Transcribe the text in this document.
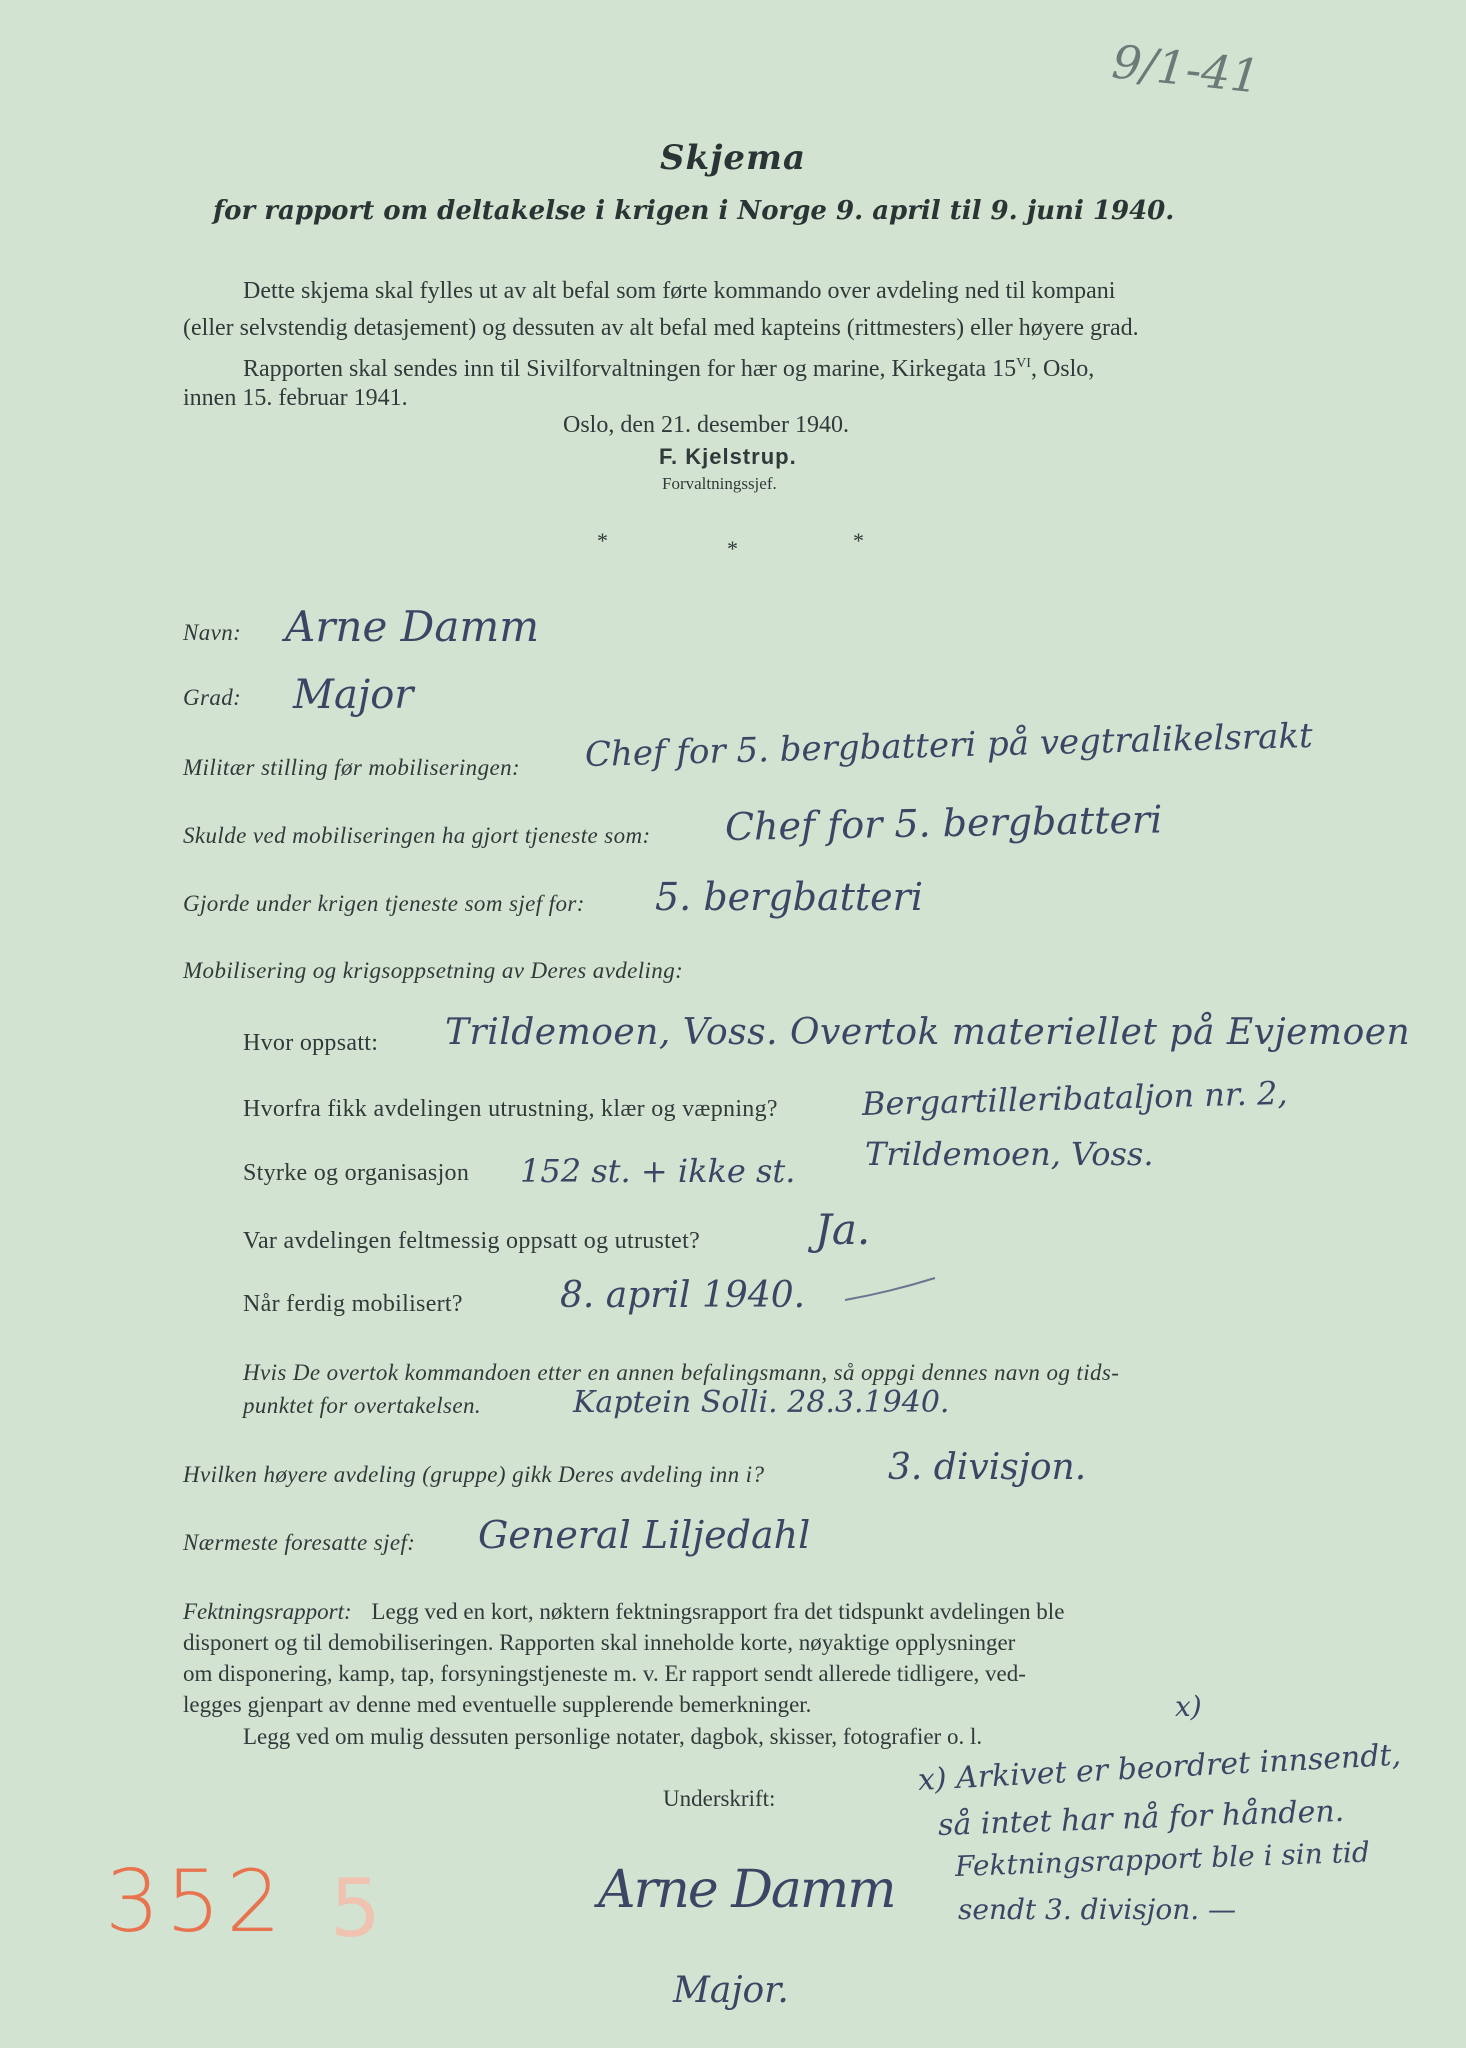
9/1-41
Skjema
for rapport om deltakelse i krigen i Norge 9. april til 9. juni 1940.
Dette skjema skal fylles ut av alt befal som førte kommando over avdeling ned til kompani
(eller selvstendig detasjement) og dessuten av alt befal med kapteins (rittmesters) eller høyere grad.
Rapporten skal sendes inn til Sivilforvaltningen for hær og marine, Kirkegata $15^{VI}$, Oslo,
innen 15. februar 1941.
Oslo, den 21. desember 1940.
F. Kjelstrup.
Forvaltningssjef.
*	*	*
Navn: Arne Damm
Grad: Major
Militær stilling før mobiliseringen: Chef for 5. bergbatteri på vegtralikelsrakt
Skulde ved mobiliseringen ha gjort tjeneste som: Chef for 5. bergbatteri
Gjorde under krigen tjeneste som sjef for: 5. bergbatteri
Mobilisering og krigsoppsetning av Deres avdeling:
Hvor oppsatt: Trildemoen, Voss. Overtok materiellet på Evjemoen
Hvorfra fikk avdelingen utrustning, klær og væpning?	Bergartilleribataljon nr. 2,
Trildemoen, Voss.
Styrke og organisasjon 152 st. + ikke st.
Var avdelingen feltmessig oppsatt og utrustet?	Ja.
Når ferdig mobilisert?	8. april 1940.
Hvis De overtok kommandoen etter en annen befalingsmann, så oppgi dennes navn og tids-
punktet for overtakelsen.	Kaptein Solli. 28.3.1940.
Hvilken høyere avdeling (gruppe) gikk Deres avdeling inn i?	3. divisjon.
Nærmeste foresatte sjef: General Liljedahl
Fektningsrapport: Legg ved en kort, nøktern fektningsrapport fra det tidspunkt avdelingen ble
disponert og til demobiliseringen. Rapporten skal inneholde korte, nøyaktige opplysninger
om disponering, kamp, tap, forsyningstjeneste m. v. Er rapport sendt allerede tidligere, ved-
legges gjenpart av denne med eventuelle supplerende bemerkninger.
Legg ved om mulig dessuten personlige notater, dagbok, skisser, fotografier o. l.
x)
Underskrift:
x) Arkivet er beordret innsendt,
så intet har nå for hånden.
Fektningsrapport ble i sin tid
sendt 3. divisjon. —
Arne Damm
Major.
352 5
